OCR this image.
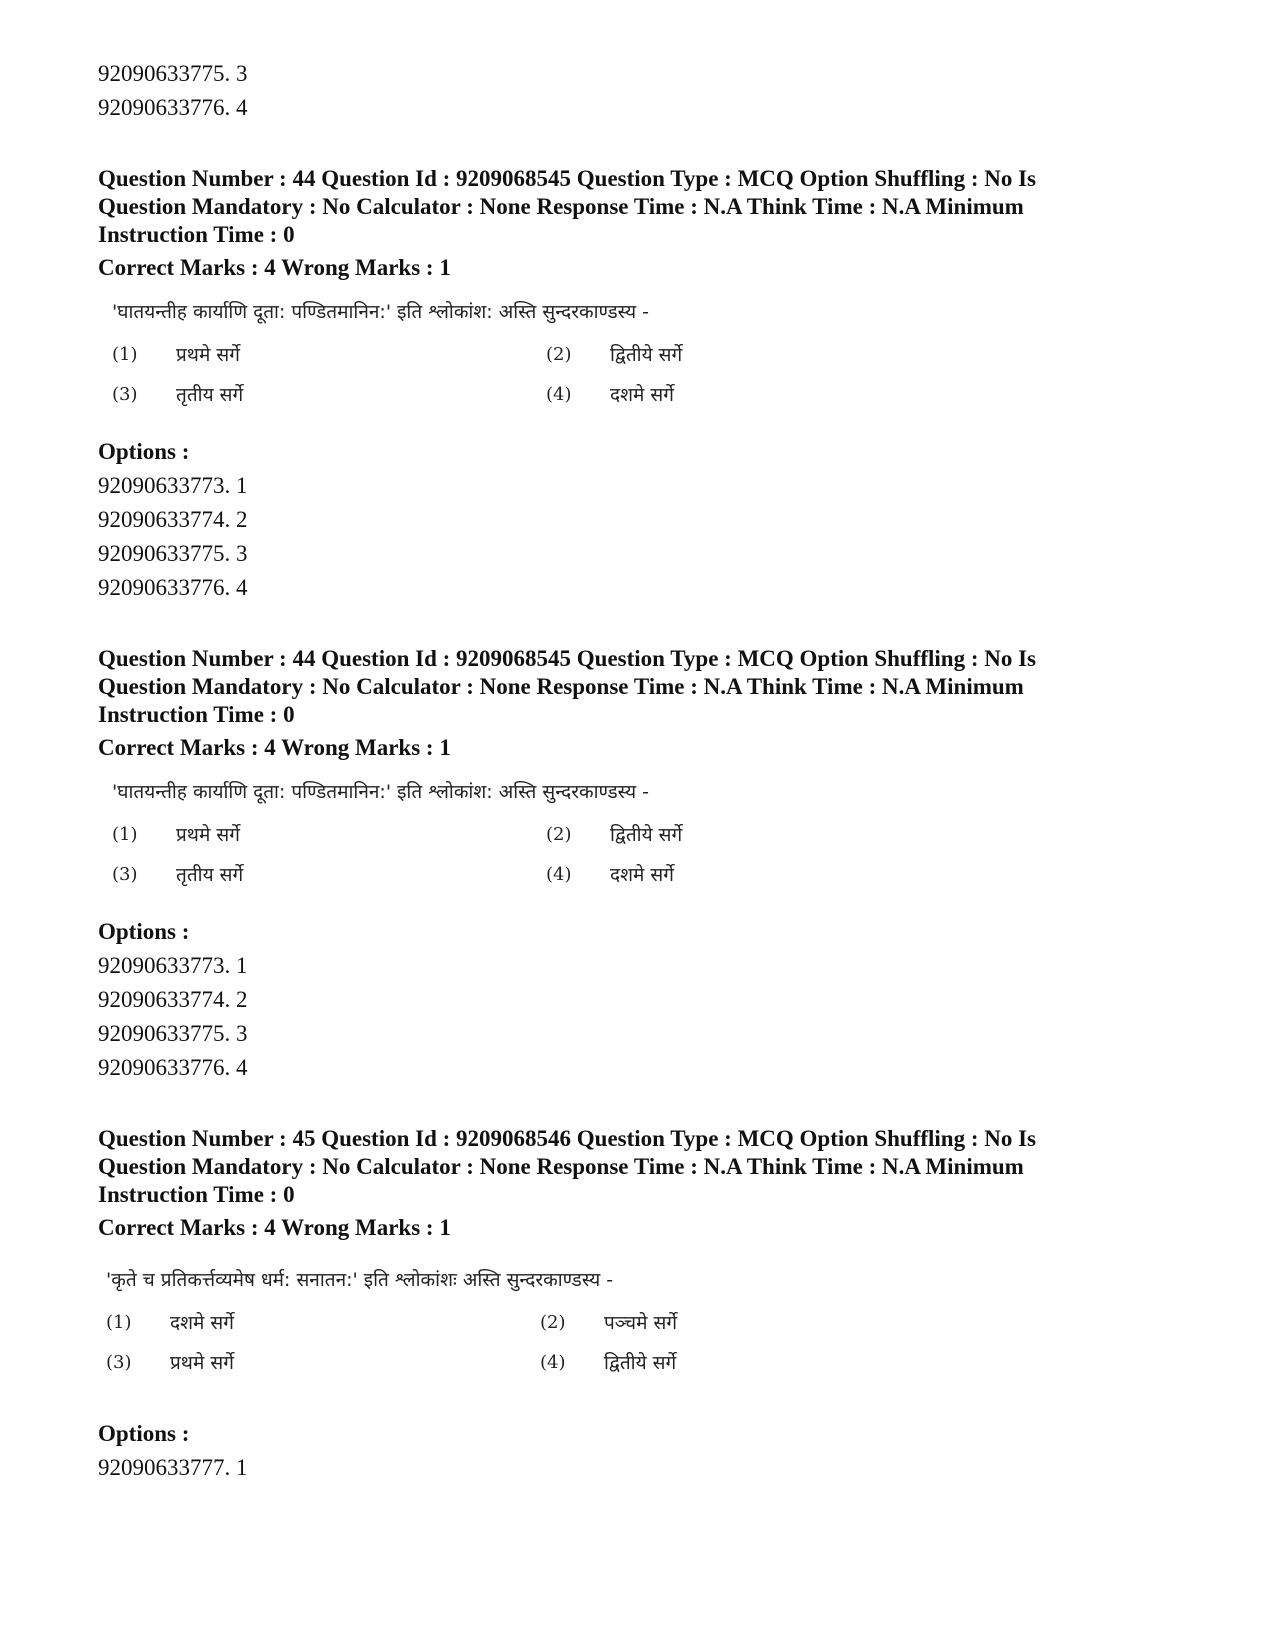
92090633775. 3
92090633776. 4
Question Number : 44 Question Id : 9209068545 Question Type : MCQ Option Shuffling : No Is
Question Mandatory : No Calculator : None Response Time : N.A Think Time : N.A Minimum
Instruction Time : 0
Correct Marks : 4 Wrong Marks : 1
'घातयन्तीह कार्याणि दूता: पण्डितमानिन:' इति श्लोकांश: अस्ति सुन्दरकाण्डस्य -
(1)	प्रथमे सर्गे	(2)	द्वितीये सर्गे
(3)	तृतीय सर्गे	(4)	दशमे सर्गे
Options :
92090633773. 1
92090633774. 2
92090633775. 3
92090633776. 4
Question Number : 44 Question Id : 9209068545 Question Type : MCQ Option Shuffling : No Is
Question Mandatory : No Calculator : None Response Time : N.A Think Time : N.A Minimum
Instruction Time : 0
Correct Marks : 4 Wrong Marks : 1
'घातयन्तीह कार्याणि दूता: पण्डितमानिन:' इति श्लोकांश: अस्ति सुन्दरकाण्डस्य -
(1)	प्रथमे सर्गे	(2)	द्वितीये सर्गे
(3)	तृतीय सर्गे	(4)	दशमे सर्गे
Options :
92090633773. 1
92090633774. 2
92090633775. 3
92090633776. 4
Question Number : 45 Question Id : 9209068546 Question Type : MCQ Option Shuffling : No Is
Question Mandatory : No Calculator : None Response Time : N.A Think Time : N.A Minimum
Instruction Time : 0
Correct Marks : 4 Wrong Marks : 1
'कृते च प्रतिकर्त्तव्यमेष धर्म: सनातन:' इति श्लोकांशः अस्ति सुन्दरकाण्डस्य -
(1)	दशमे सर्गे	(2)	पञ्चमे सर्गे
(3)	प्रथमे सर्गे	(4)	द्वितीये सर्गे
Options :
92090633777. 1
